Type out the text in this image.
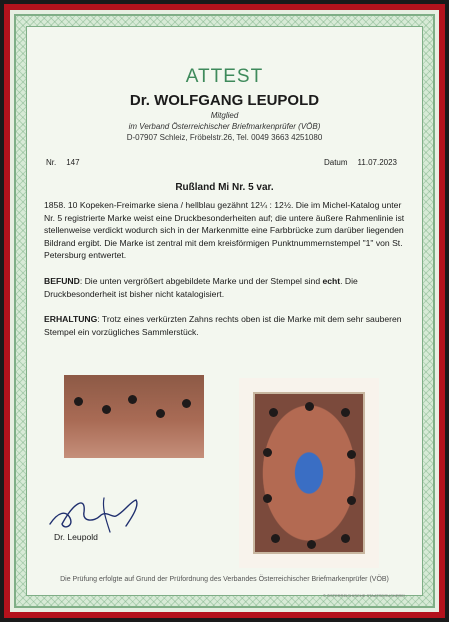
ATTEST
Dr. WOLFGANG LEUPOLD
Mitglied
im Verband Österreichischer Briefmarkenprüfer (VÖB)
D-07907 Schleiz, Fröbelstr.26, Tel. 0049 3663 4251080
Nr. 147	Datum 11.07.2023
Rußland Mi Nr. 5 var.
1858. 10 Kopeken-Freimarke siena / hellblau gezähnt 12¼ : 12½. Die im Michel-Katalog unter Nr. 5 registrierte Marke weist eine Druckbesonderheiten auf; die untere äußere Rahmenlinie ist stellenweise verdickt wodurch sich in der Markenmitte eine Farbbrücke zum darüber liegenden Bildrand ergibt. Die Marke ist zentral mit dem kreisförmigen Punktnummernstempel "1" von St. Petersburg entwertet.
BEFUND: Die unten vergrößert abgebildete Marke und der Stempel sind echt. Die Druckbesonderheit ist bisher nicht katalogisiert.
ERHALTUNG: Trotz eines verkürzten Zahns rechts oben ist die Marke mit dem sehr sauberen Stempel ein vorzügliches Sammlerstück.
Dr. Leupold
Die Prüfung erfolgte auf Grund der Prüfordnung des Verbandes Österreichischer Briefmarkenprüfer (VÖB)
© ÖSTERREICHISCHE STAATSDRUCKEREI
